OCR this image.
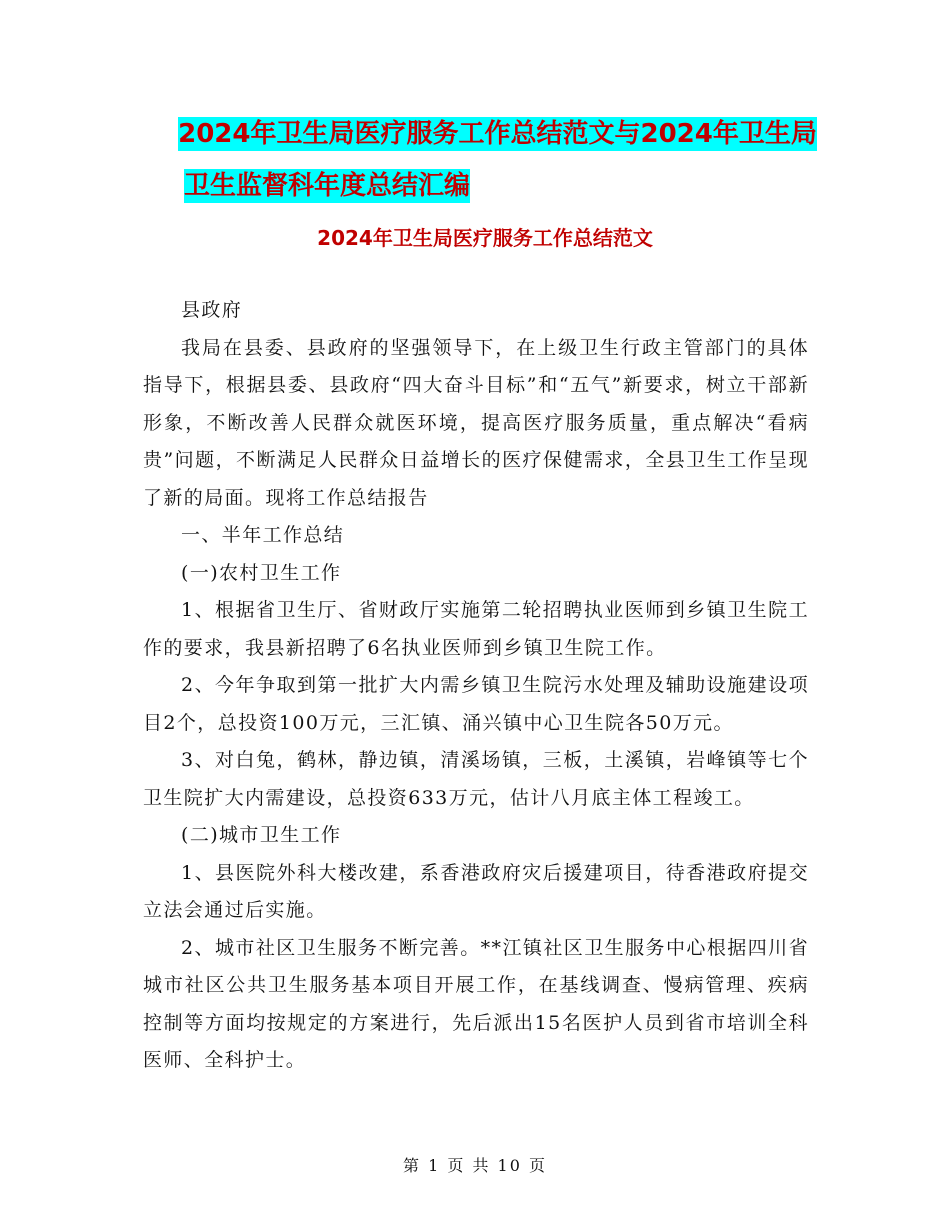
2024年卫生局医疗服务工作总结范文与2024年卫生局
卫生监督科年度总结汇编
2024年卫生局医疗服务工作总结范文

县政府

我局在县委、县政府的坚强领导下，在上级卫生行政主管部门的具体指导下，根据县委、县政府“四大奋斗目标”和“五气”新要求，树立干部新形象，不断改善人民群众就医环境，提高医疗服务质量，重点解决“看病贵”问题，不断满足人民群众日益增长的医疗保健需求，全县卫生工作呈现了新的局面。现将工作总结报告

一、半年工作总结

(一)农村卫生工作

1、根据省卫生厅、省财政厅实施第二轮招聘执业医师到乡镇卫生院工作的要求，我县新招聘了6名执业医师到乡镇卫生院工作。

2、今年争取到第一批扩大内需乡镇卫生院污水处理及辅助设施建设项目2个，总投资100万元，三汇镇、涌兴镇中心卫生院各50万元。

3、对白兔，鹤林，静边镇，清溪场镇，三板，土溪镇，岩峰镇等七个卫生院扩大内需建设，总投资633万元，估计八月底主体工程竣工。

(二)城市卫生工作

1、县医院外科大楼改建，系香港政府灾后援建项目，待香港政府提交立法会通过后实施。

2、城市社区卫生服务不断完善。**江镇社区卫生服务中心根据四川省城市社区公共卫生服务基本项目开展工作，在基线调查、慢病管理、疾病控制等方面均按规定的方案进行，先后派出15名医护人员到省市培训全科医师、全科护士。

第 1 页 共 10 页
